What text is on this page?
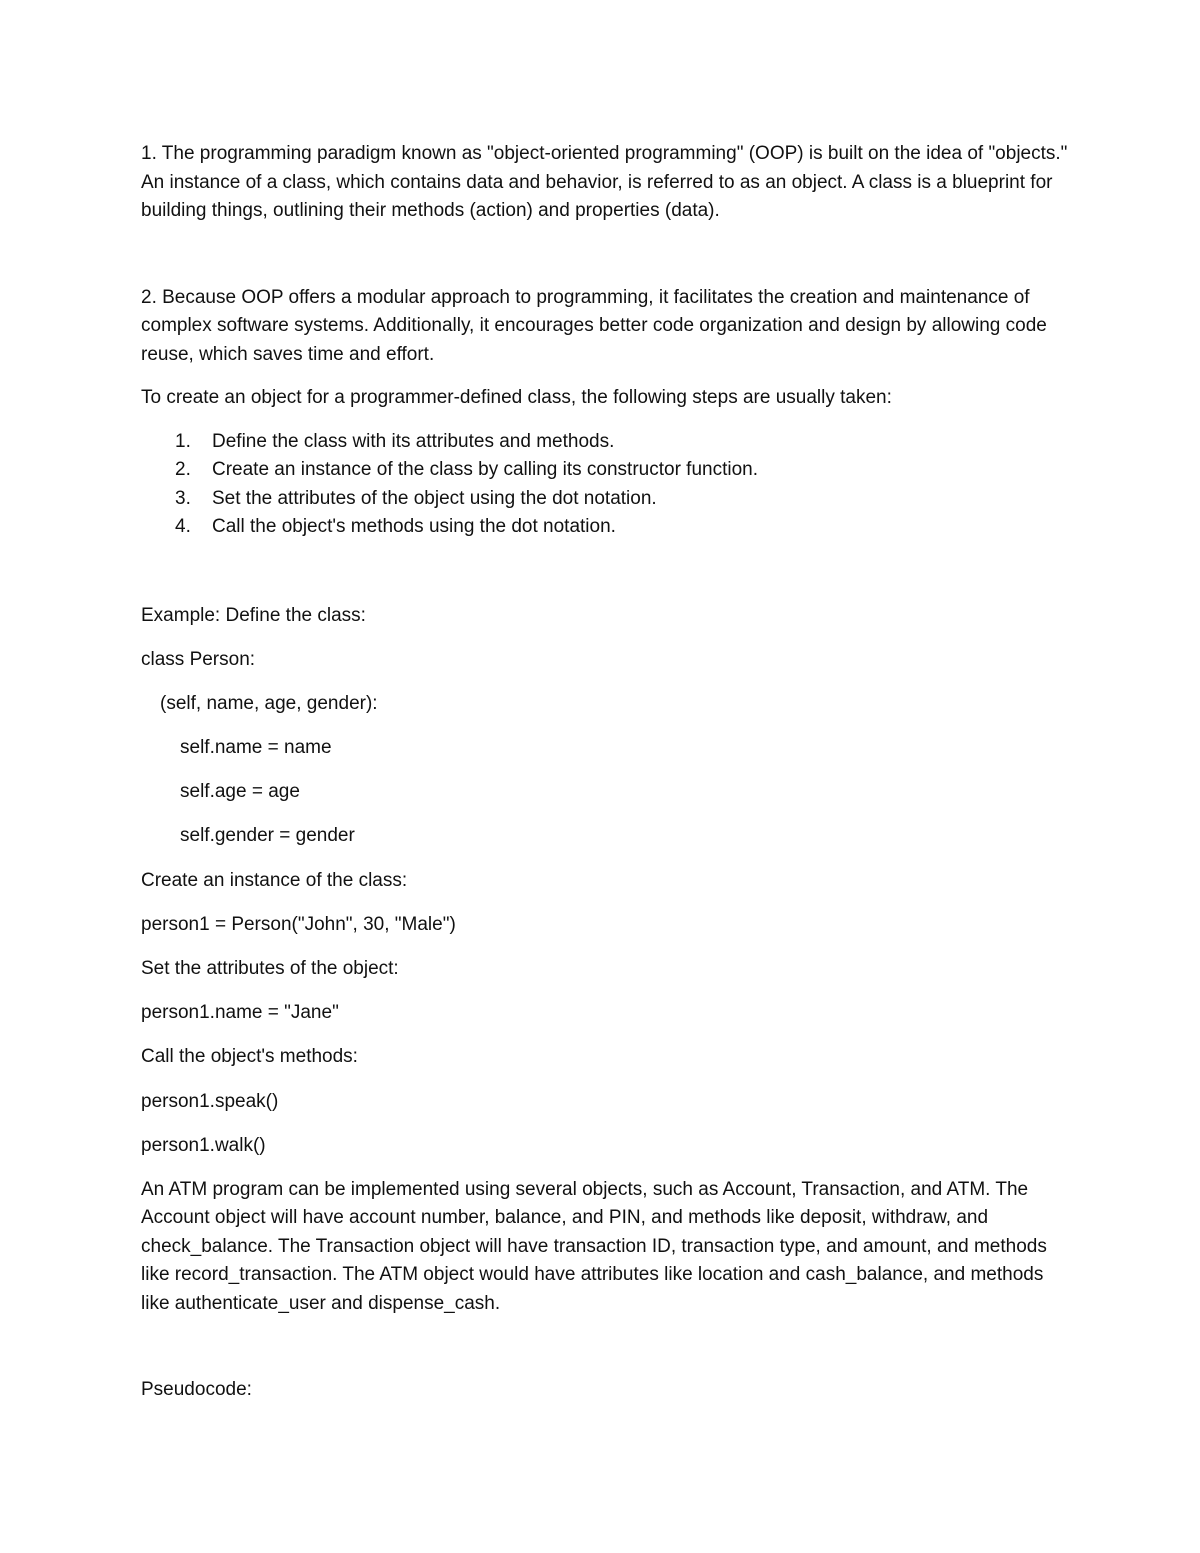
1. The programming paradigm known as "object-oriented programming" (OOP) is built on the idea of "objects." An instance of a class, which contains data and behavior, is referred to as an object. A class is a blueprint for building things, outlining their methods (action) and properties (data).

2. Because OOP offers a modular approach to programming, it facilitates the creation and maintenance of complex software systems. Additionally, it encourages better code organization and design by allowing code reuse, which saves time and effort.

To create an object for a programmer-defined class, the following steps are usually taken:

1.	Define the class with its attributes and methods.
2.	Create an instance of the class by calling its constructor function.
3.	Set the attributes of the object using the dot notation.
4.	Call the object's methods using the dot notation.
Example: Define the class:
class Person:
(self, name, age, gender):
self.name = name
self.age = age
self.gender = gender
Create an instance of the class:
person1 = Person("John", 30, "Male")
Set the attributes of the object:
person1.name = "Jane"
Call the object's methods:
person1.speak()
person1.walk()

An ATM program can be implemented using several objects, such as Account, Transaction, and ATM. The Account object will have account number, balance, and PIN, and methods like deposit, withdraw, and check_balance. The Transaction object will have transaction ID, transaction type, and amount, and methods like record_transaction. The ATM object would have attributes like location and cash_balance, and methods like authenticate_user and dispense_cash.

Pseudocode:
